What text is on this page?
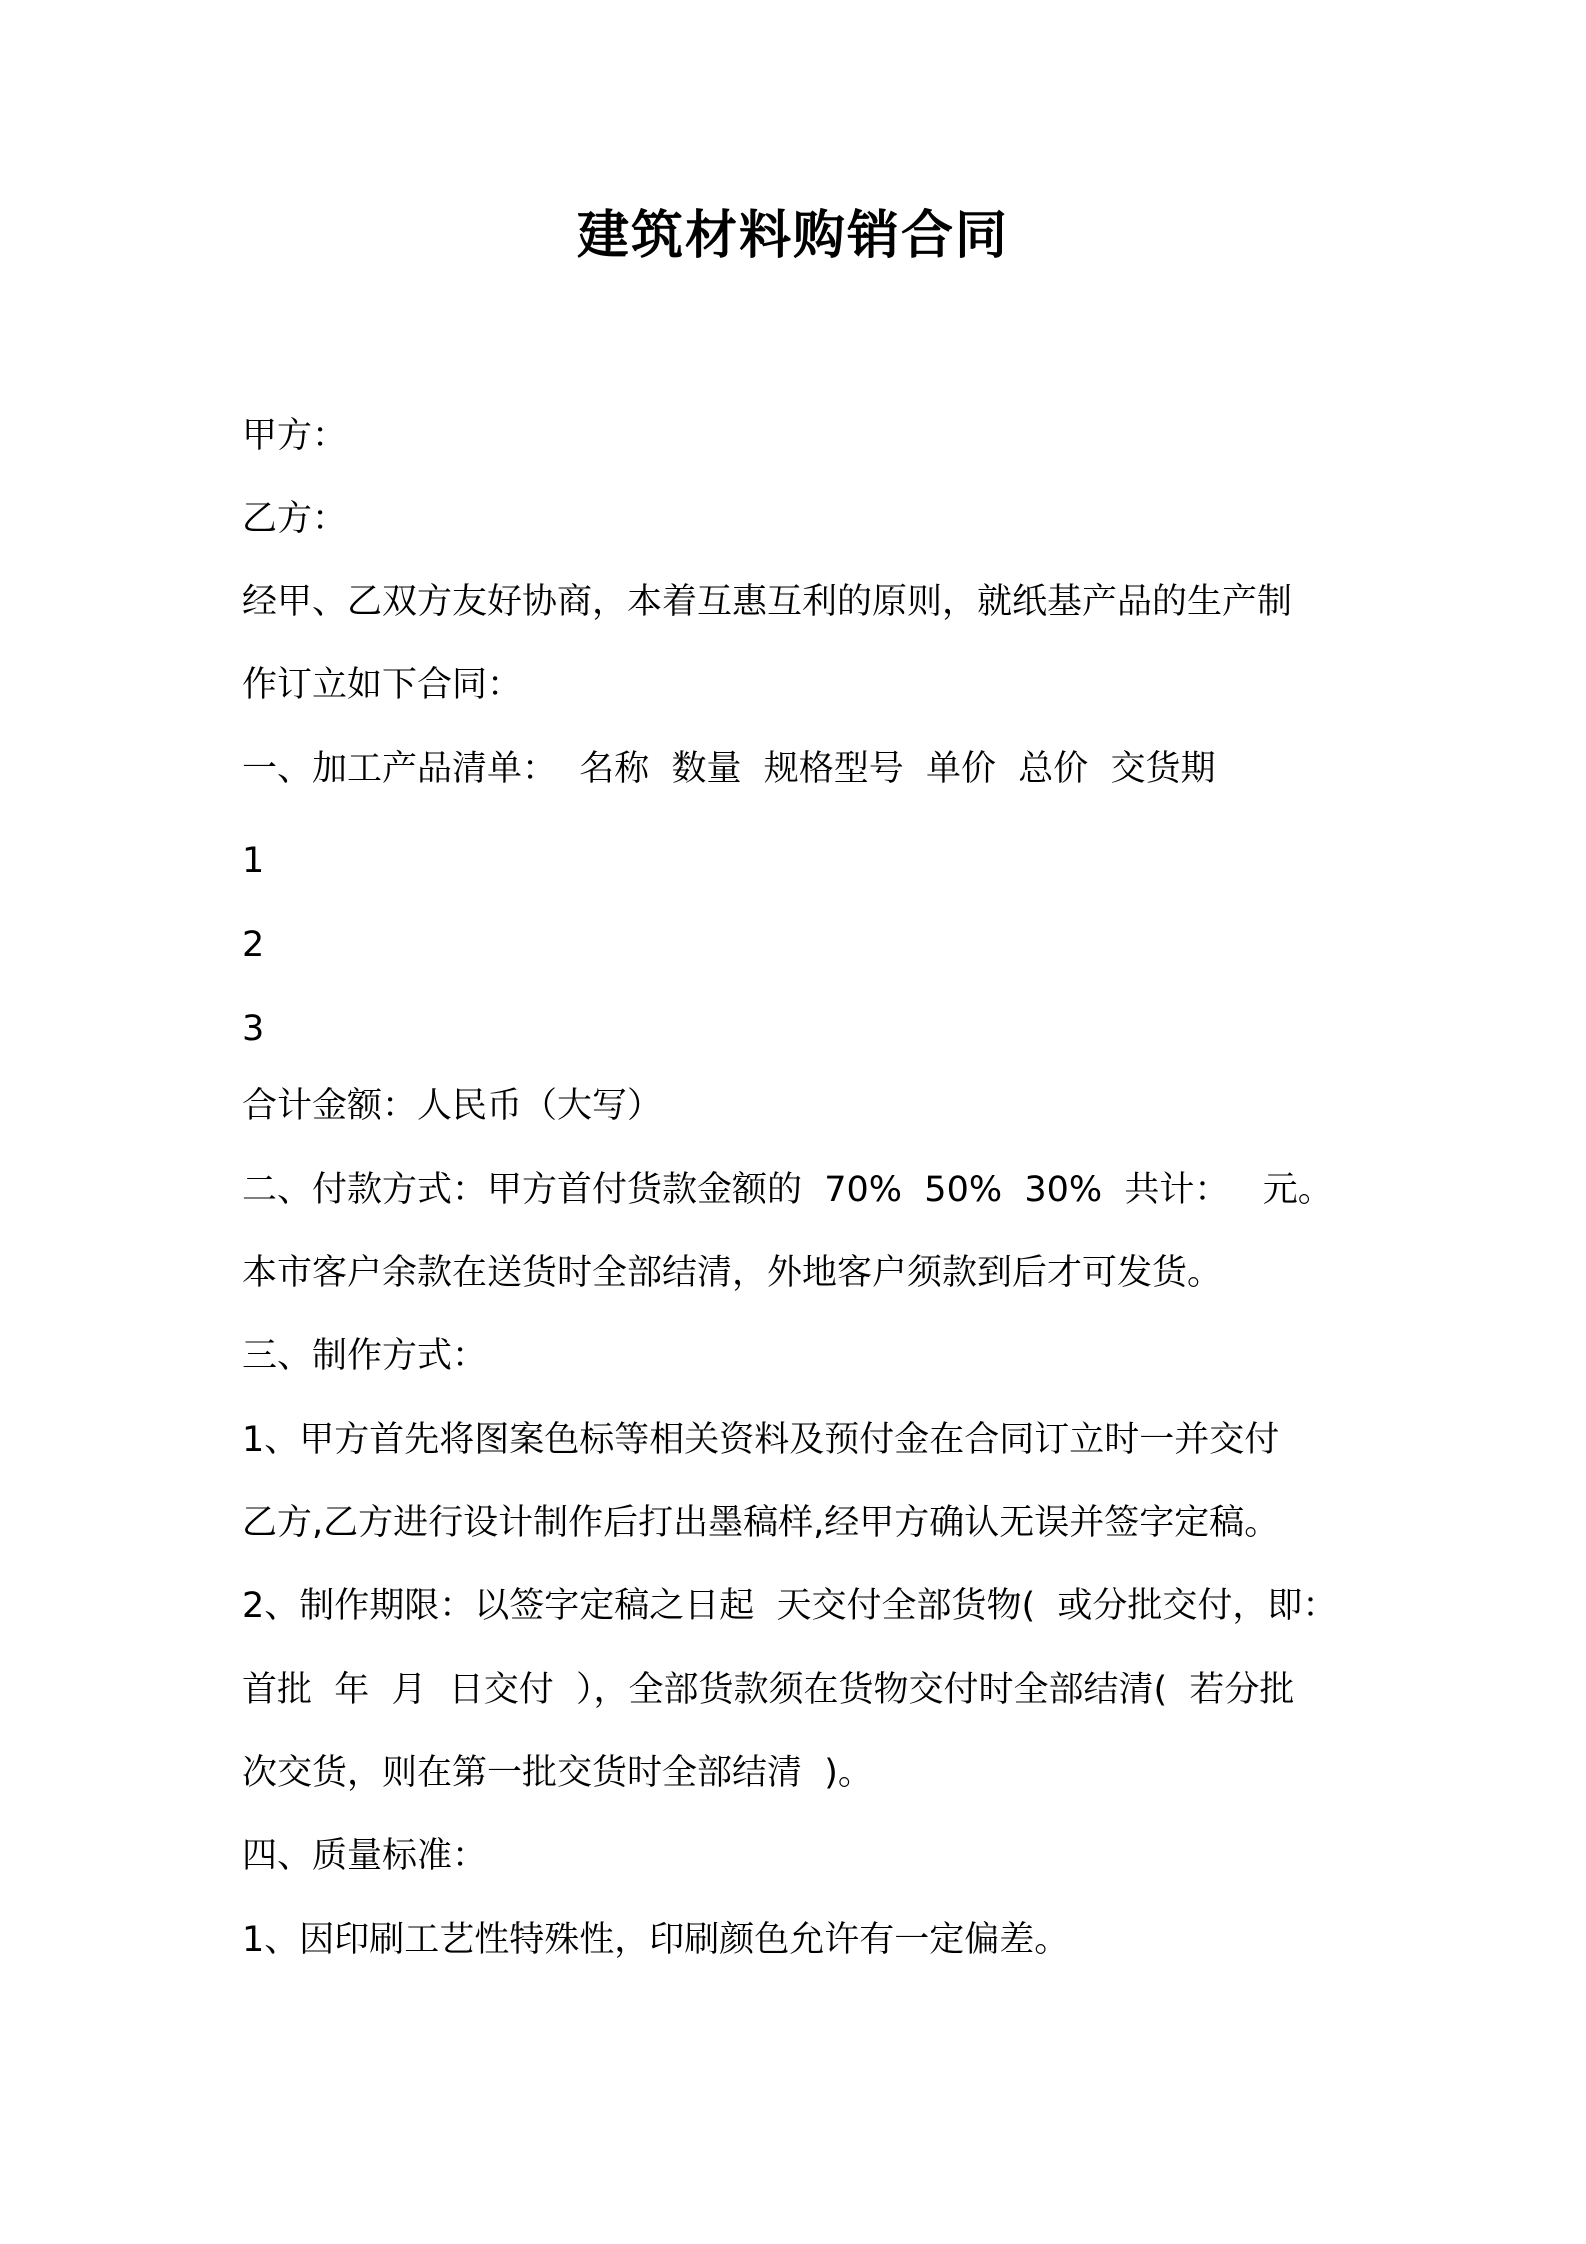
建筑材料购销合同
甲方：
乙方：
经甲、乙双方友好协商，本着互惠互利的原则，就纸基产品的生产制
作订立如下合同：
一、加工产品清单：  名称  数量  规格型号  单价  总价  交货期
1
2
3
合计金额：人民币（大写）
二、付款方式：甲方首付货款金额的  70%  50%  30%  共计：   元。
本市客户余款在送货时全部结清，外地客户须款到后才可发货。
三、制作方式：
1、甲方首先将图案色标等相关资料及预付金在合同订立时一并交付
乙方,乙方进行设计制作后打出墨稿样,经甲方确认无误并签字定稿。
2、制作期限：以签字定稿之日起  天交付全部货物(  或分批交付，即：
首批  年  月  日交付  ），全部货款须在货物交付时全部结清(  若分批
次交货，则在第一批交货时全部结清  )。
四、质量标准：
1、因印刷工艺性特殊性，印刷颜色允许有一定偏差。
